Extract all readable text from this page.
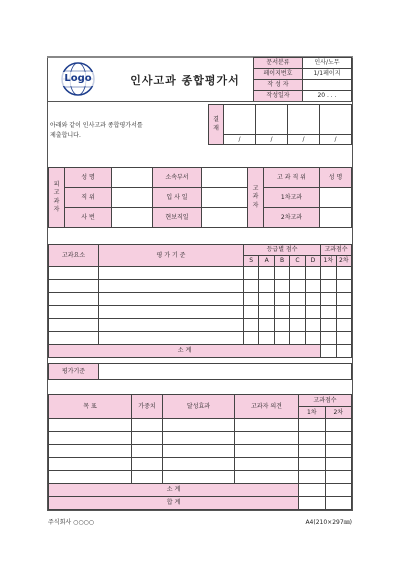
Logo	인사고과 종합평가서
문서분류	인사/노무
페이지번호	1/1페이지
작 성 자	
작성일자	20 . . .
아래와 같이 인사고과 종합평가서를
제출합니다.
결
재				
	/	/	/	/
피
고
과
자	성 명		소속부서		고
과
자	고 과 직 위	성 명
	직 위		입 사 일			1차고과	
	사 번		현보직일			2차고과	
고과요소	평 가 기 준	등급별 점수					고과점수	
		S	A	B	C	D	1차	2차

소 계								
평가기준	
목 표	가중치	달성효과	고과자 의견	고과점수	
				1차	2차

소 계					
합 계					
주식회사 ○○○○	A4(210×297㎜)
